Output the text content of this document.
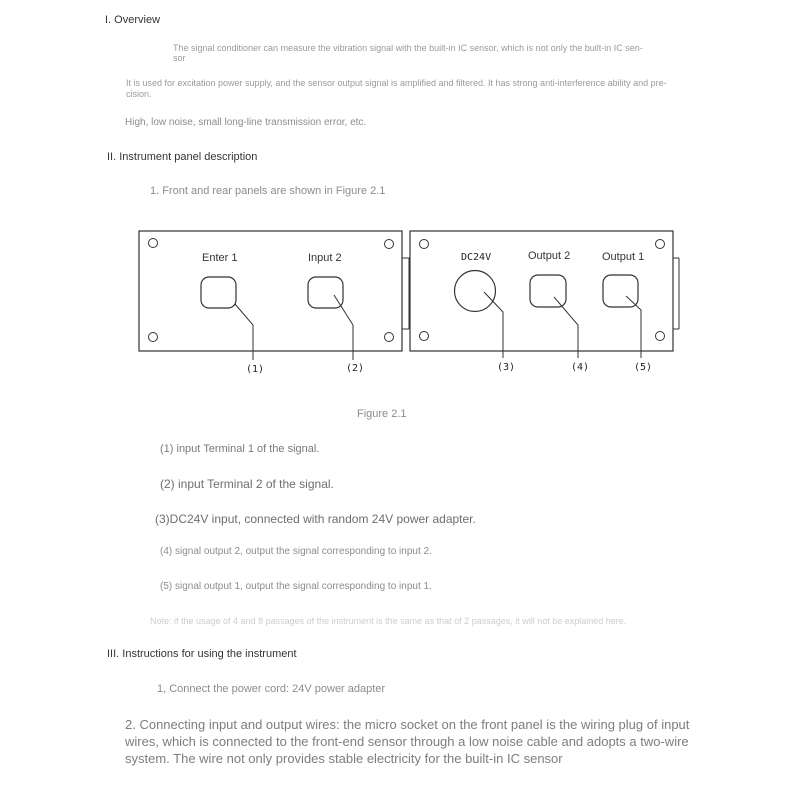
I. Overview
The signal conditioner can measure the vibration signal with the built-in IC sensor, which is not only the built-in IC sen-
sor
It is used for excitation power supply, and the sensor output signal is amplified and filtered. It has strong anti-interference ability and pre-
cision.
High, low noise, small long-line transmission error, etc.
II. Instrument panel description
1. Front and rear panels are shown in Figure 2.1
Enter 1	Input 2
(1)	(2)
DC24V	Output 2	Output 1
(3)	(4)	(5)
Figure 2.1
(1) input Terminal 1 of the signal.
(2) input Terminal 2 of the signal.
(3)DC24V input, connected with random 24V power adapter.
(4) signal output 2, output the signal corresponding to input 2.
(5) signal output 1, output the signal corresponding to input 1.
Note: if the usage of 4 and 8 passages of the instrument is the same as that of 2 passages, it will not be explained here.
III. Instructions for using the instrument
1, Connect the power cord: 24V power adapter
2. Connecting input and output wires: the micro socket on the front panel is the wiring plug of input wires, which is connected to the front-end sensor through a low noise cable and adopts a two-wire system. The wire not only provides stable electricity for the built-in IC sensor
